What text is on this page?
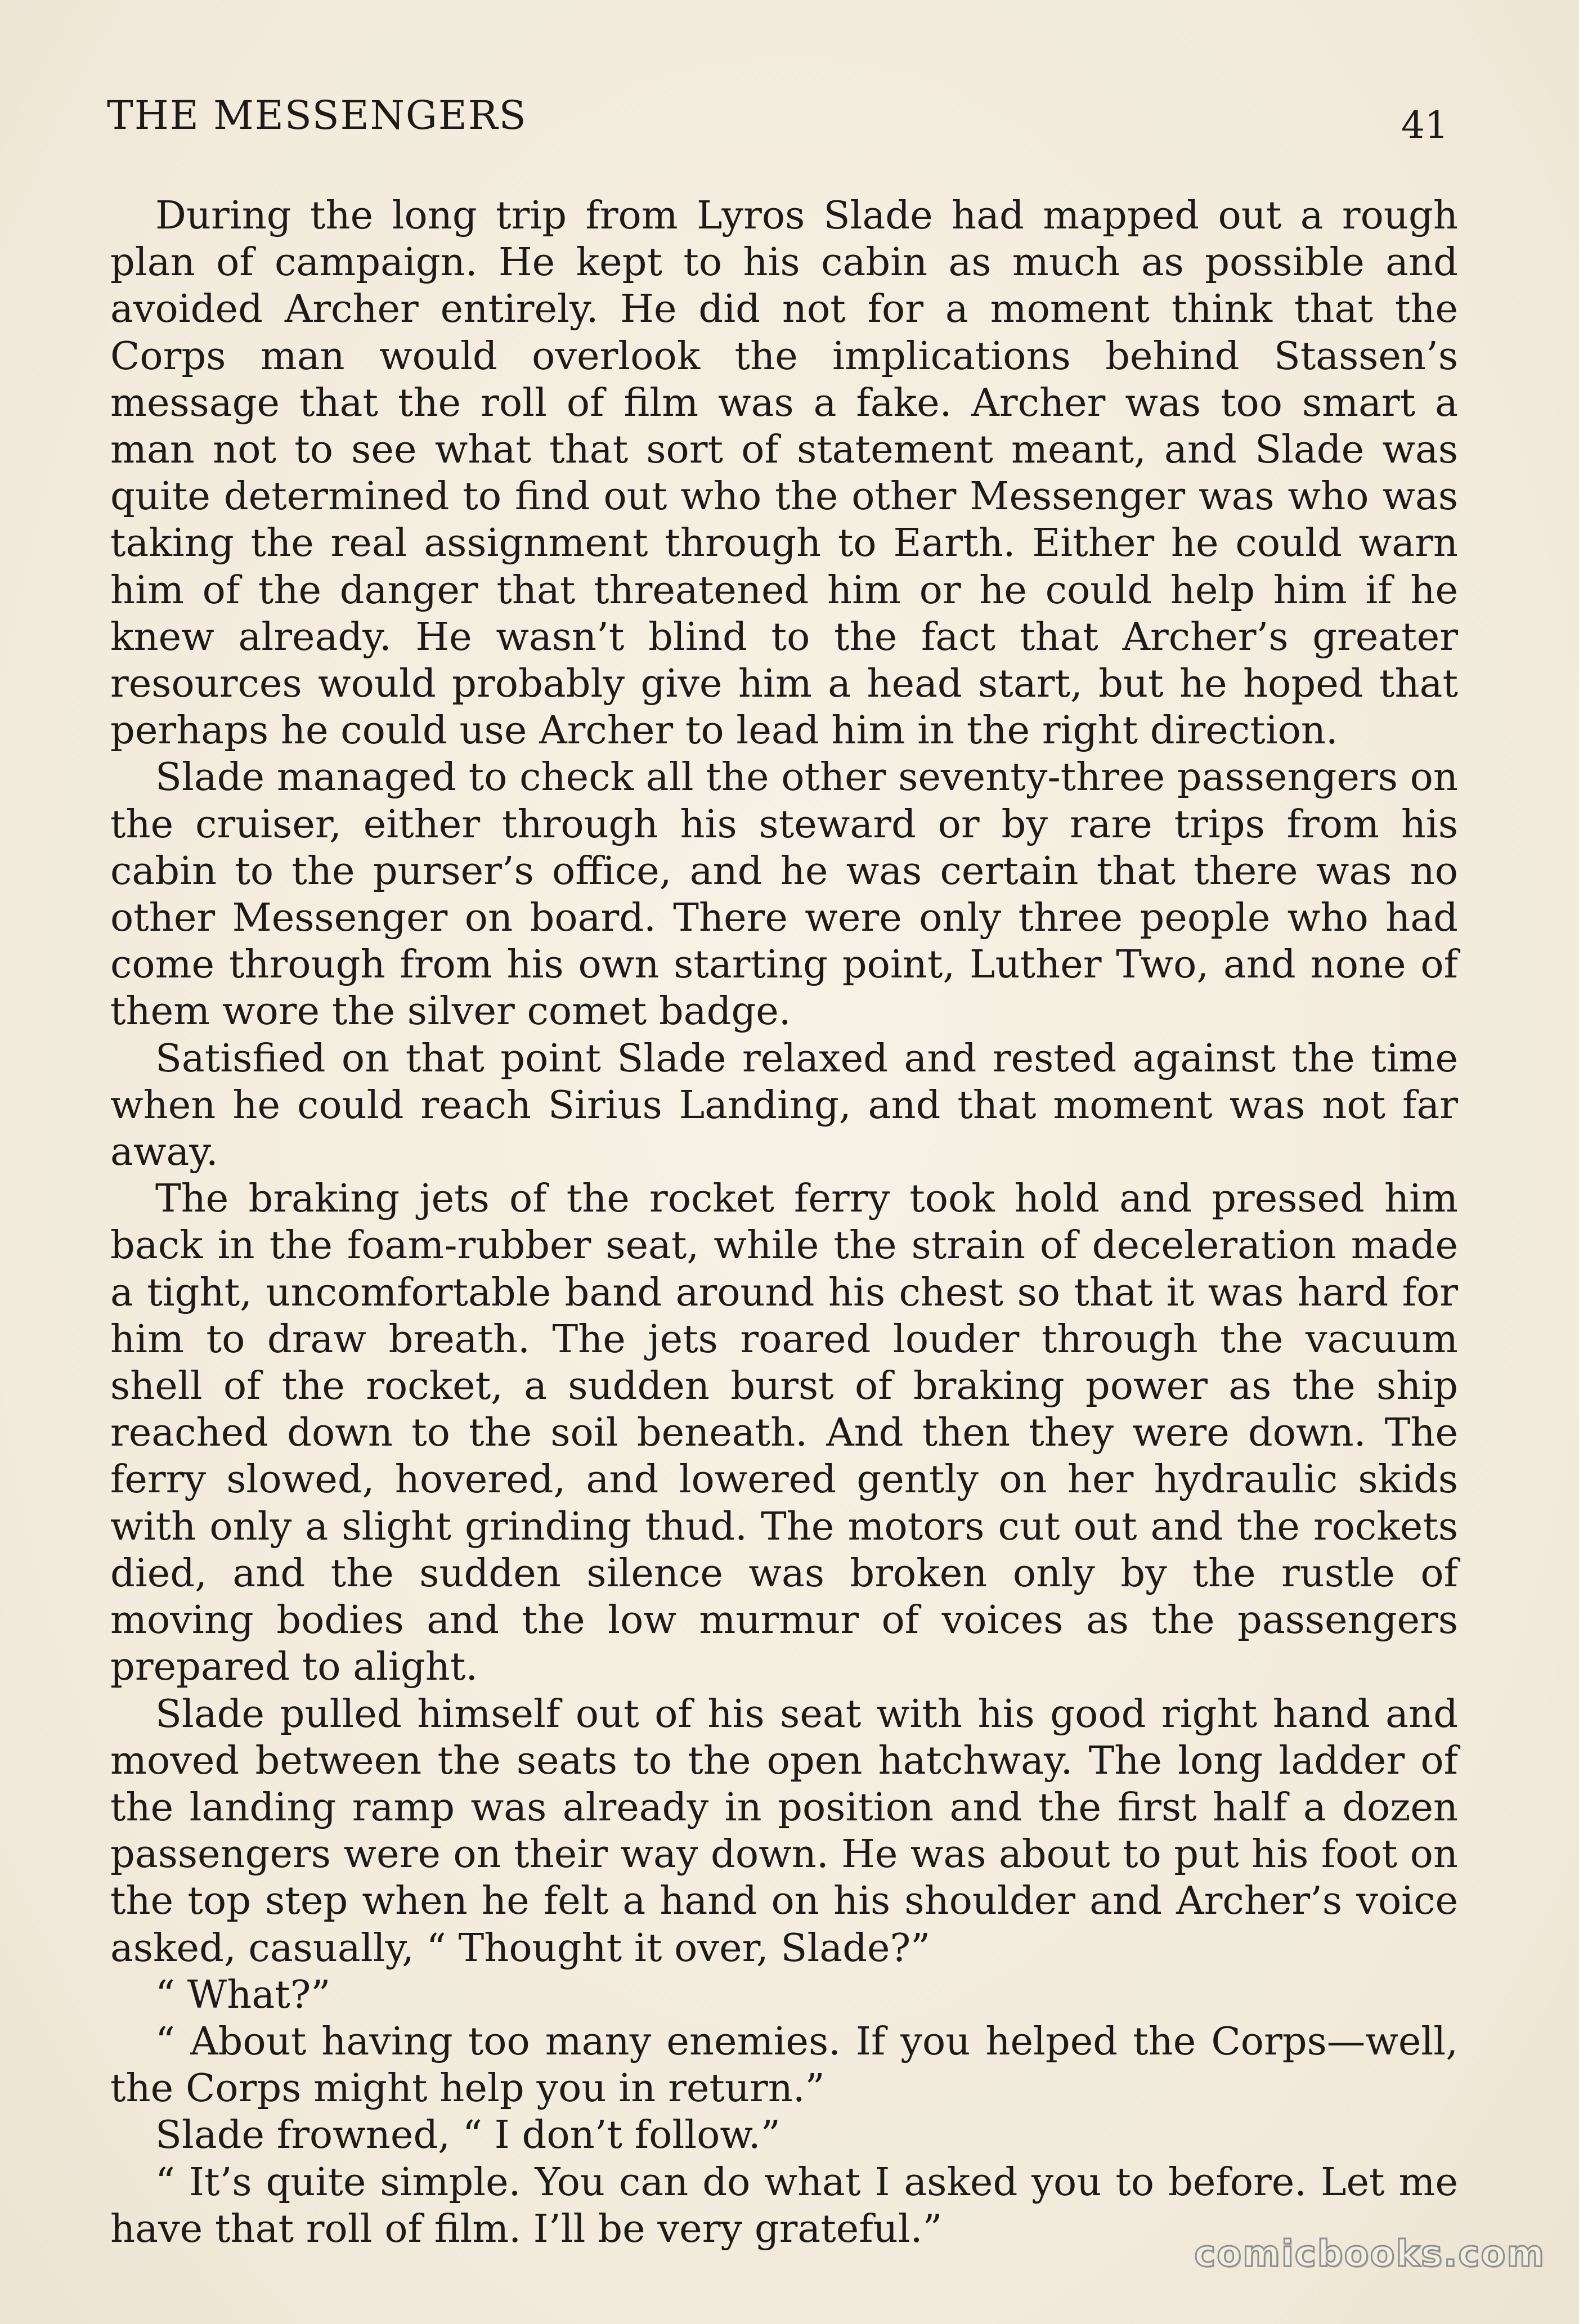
THE MESSENGERS	41

During the long trip from Lyros Slade had mapped out a rough plan of campaign. He kept to his cabin as much as possible and avoided Archer entirely. He did not for a moment think that the Corps man would overlook the implications behind Stassen’s message that the roll of film was a fake. Archer was too smart a man not to see what that sort of statement meant, and Slade was quite determined to find out who the other Messenger was who was taking the real assignment through to Earth. Either he could warn him of the danger that threatened him or he could help him if he knew already. He wasn’t blind to the fact that Archer’s greater resources would probably give him a head start, but he hoped that perhaps he could use Archer to lead him in the right direction.

Slade managed to check all the other seventy-three passengers on the cruiser, either through his steward or by rare trips from his cabin to the purser’s office, and he was certain that there was no other Messenger on board. There were only three people who had come through from his own starting point, Luther Two, and none of them wore the silver comet badge.

Satisfied on that point Slade relaxed and rested against the time when he could reach Sirius Landing, and that moment was not far away.

The braking jets of the rocket ferry took hold and pressed him back in the foam-rubber seat, while the strain of deceleration made a tight, uncomfortable band around his chest so that it was hard for him to draw breath. The jets roared louder through the vacuum shell of the rocket, a sudden burst of braking power as the ship reached down to the soil beneath. And then they were down. The ferry slowed, hovered, and lowered gently on her hydraulic skids with only a slight grinding thud. The motors cut out and the rockets died, and the sudden silence was broken only by the rustle of moving bodies and the low murmur of voices as the passengers prepared to alight.

Slade pulled himself out of his seat with his good right hand and moved between the seats to the open hatchway. The long ladder of the landing ramp was already in position and the first half a dozen passengers were on their way down. He was about to put his foot on the top step when he felt a hand on his shoulder and Archer’s voice asked, casually, “ Thought it over, Slade?”

“ What?”

“ About having too many enemies. If you helped the Corps—well, the Corps might help you in return.”

Slade frowned, “ I don’t follow.”

“ It’s quite simple. You can do what I asked you to before. Let me have that roll of film. I’ll be very grateful.”

comicbooks.com
